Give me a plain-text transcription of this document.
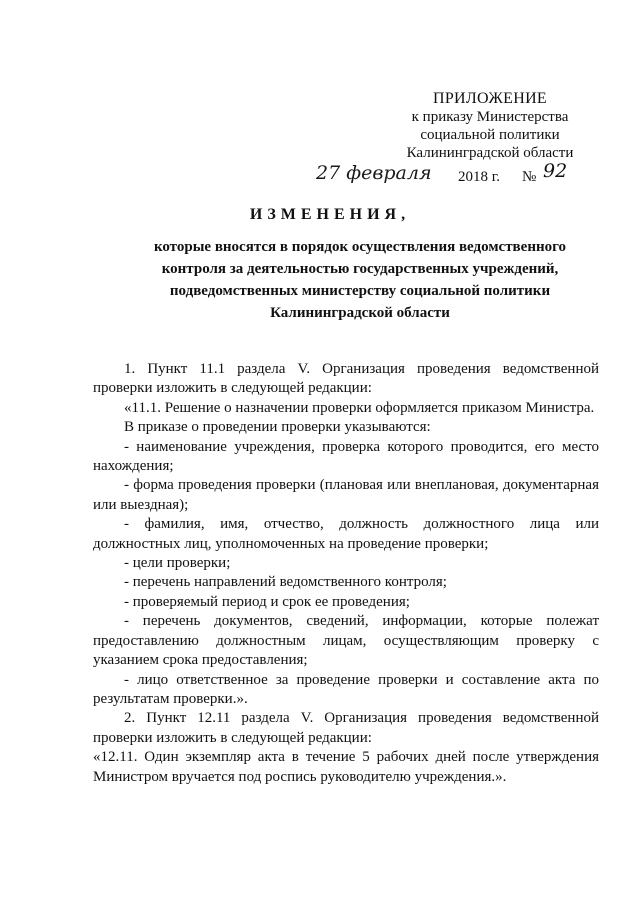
ПРИЛОЖЕНИЕ
к приказу Министерства
социальной политики
Калининградской области
27 февраля 2018 г. № 92
ИЗМЕНЕНИЯ,
которые вносятся в порядок осуществления ведомственного
контроля за деятельностью государственных учреждений,
подведомственных министерству социальной политики
Калининградской области

1. Пункт 11.1 раздела V. Организация проведения ведомственной проверки изложить в следующей редакции:

«11.1. Решение о назначении проверки оформляется приказом Министра.

В приказе о проведении проверки указываются:

- наименование учреждения, проверка которого проводится, его место нахождения;

- форма проведения проверки (плановая или внеплановая, документарная или выездная);

- фамилия, имя, отчество, должность должностного лица или должностных лиц, уполномоченных на проведение проверки;

- цели проверки;

- перечень направлений ведомственного контроля;

- проверяемый период и срок ее проведения;

- перечень документов, сведений, информации, которые полежат предоставлению должностным лицам, осуществляющим проверку с указанием срока предоставления;

- лицо ответственное за проведение проверки и составление акта по результатам проверки.».

2. Пункт 12.11 раздела V. Организация проведения ведомственной проверки изложить в следующей редакции:

«12.11. Один экземпляр акта в течение 5 рабочих дней после утверждения Министром вручается под роспись руководителю учреждения.».
